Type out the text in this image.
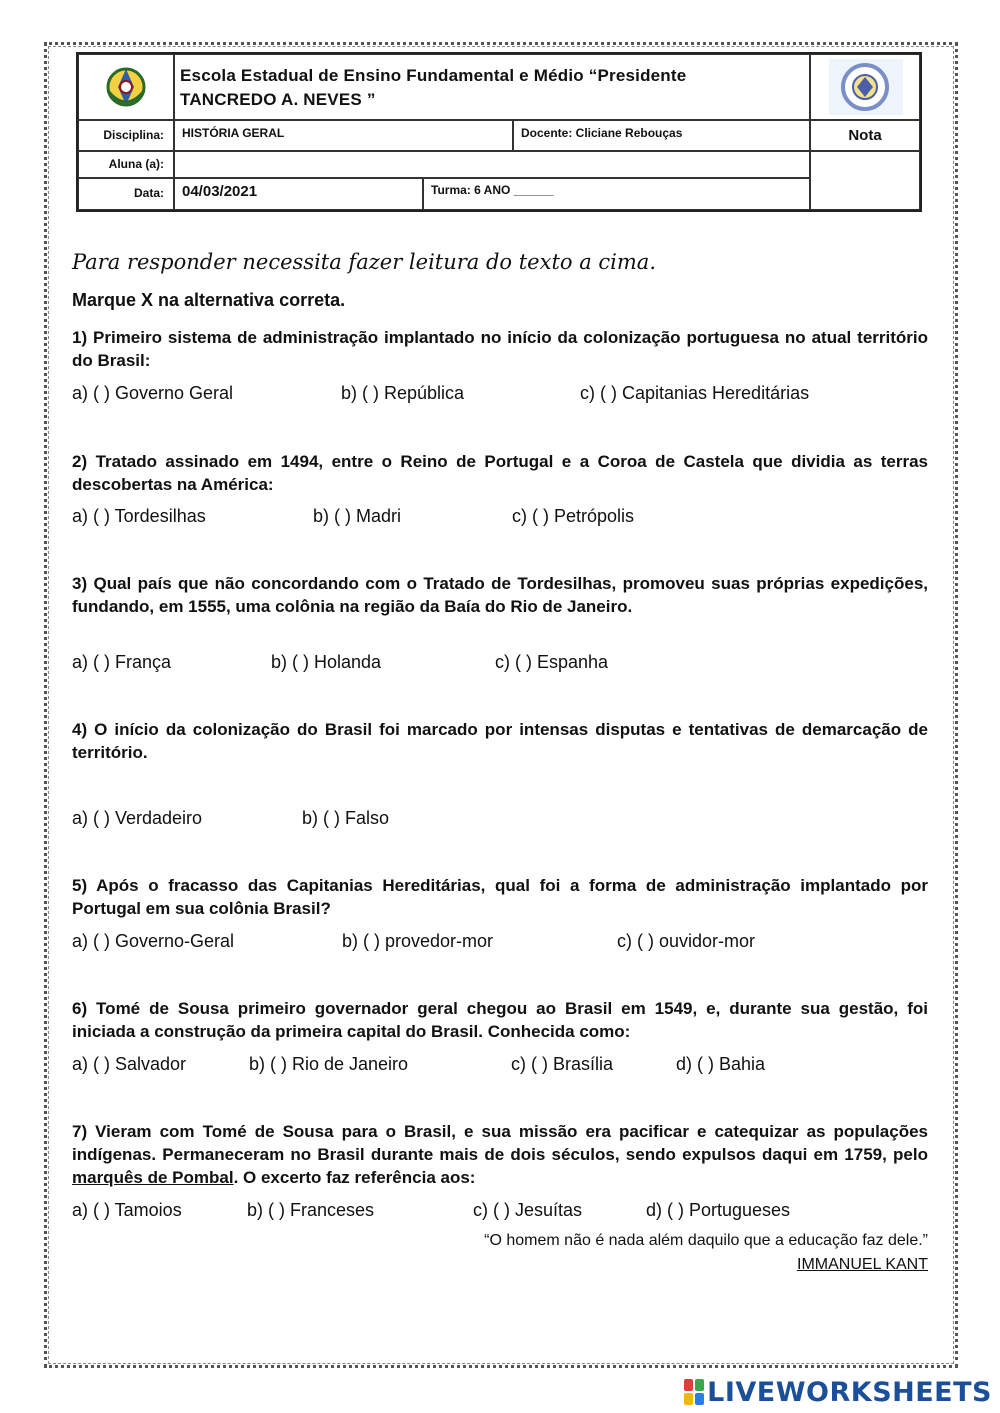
Escola Estadual de Ensino Fundamental e Médio “Presidente
TANCREDO A. NEVES ”
Disciplina: HISTÓRIA GERAL	Docente: Cliciane Rebouças	Nota
Aluna (a):
Data: 04/03/2021	Turma: 6 ANO ______
Para responder necessita fazer leitura do texto a cima.
Marque X na alternativa correta.
1) Primeiro sistema de administração implantado no início da colonização portuguesa no atual território do Brasil:
a) ( ) Governo Geral	b) ( ) República	c) ( ) Capitanias Hereditárias
2) Tratado assinado em 1494, entre o Reino de Portugal e a Coroa de Castela que dividia as terras descobertas na América:
a) ( ) Tordesilhas	b) ( ) Madri	c) ( ) Petrópolis
3) Qual país que não concordando com o Tratado de Tordesilhas, promoveu suas próprias expedições, fundando, em 1555, uma colônia na região da Baía do Rio de Janeiro.
a) ( ) França	b) ( ) Holanda	c) ( ) Espanha
4) O início da colonização do Brasil foi marcado por intensas disputas e tentativas de demarcação de território.
a) ( ) Verdadeiro	b) ( ) Falso
5) Após o fracasso das Capitanias Hereditárias, qual foi a forma de administração implantado por Portugal em sua colônia Brasil?
a) ( ) Governo-Geral	b) ( ) provedor-mor	c) ( ) ouvidor-mor
6) Tomé de Sousa primeiro governador geral chegou ao Brasil em 1549, e, durante sua gestão, foi iniciada a construção da primeira capital do Brasil. Conhecida como:
a) ( ) Salvador	b) ( ) Rio de Janeiro	c) ( ) Brasília	d) ( ) Bahia
7) Vieram com Tomé de Sousa para o Brasil, e sua missão era pacificar e catequizar as populações indígenas. Permaneceram no Brasil durante mais de dois séculos, sendo expulsos daqui em 1759, pelo marquês de Pombal. O excerto faz referência aos:
a) ( ) Tamoios	b) ( ) Franceses	c) ( ) Jesuítas	d) ( ) Portugueses
“O homem não é nada além daquilo que a educação faz dele.”
IMMANUEL KANT
LIVEWORKSHEETS
